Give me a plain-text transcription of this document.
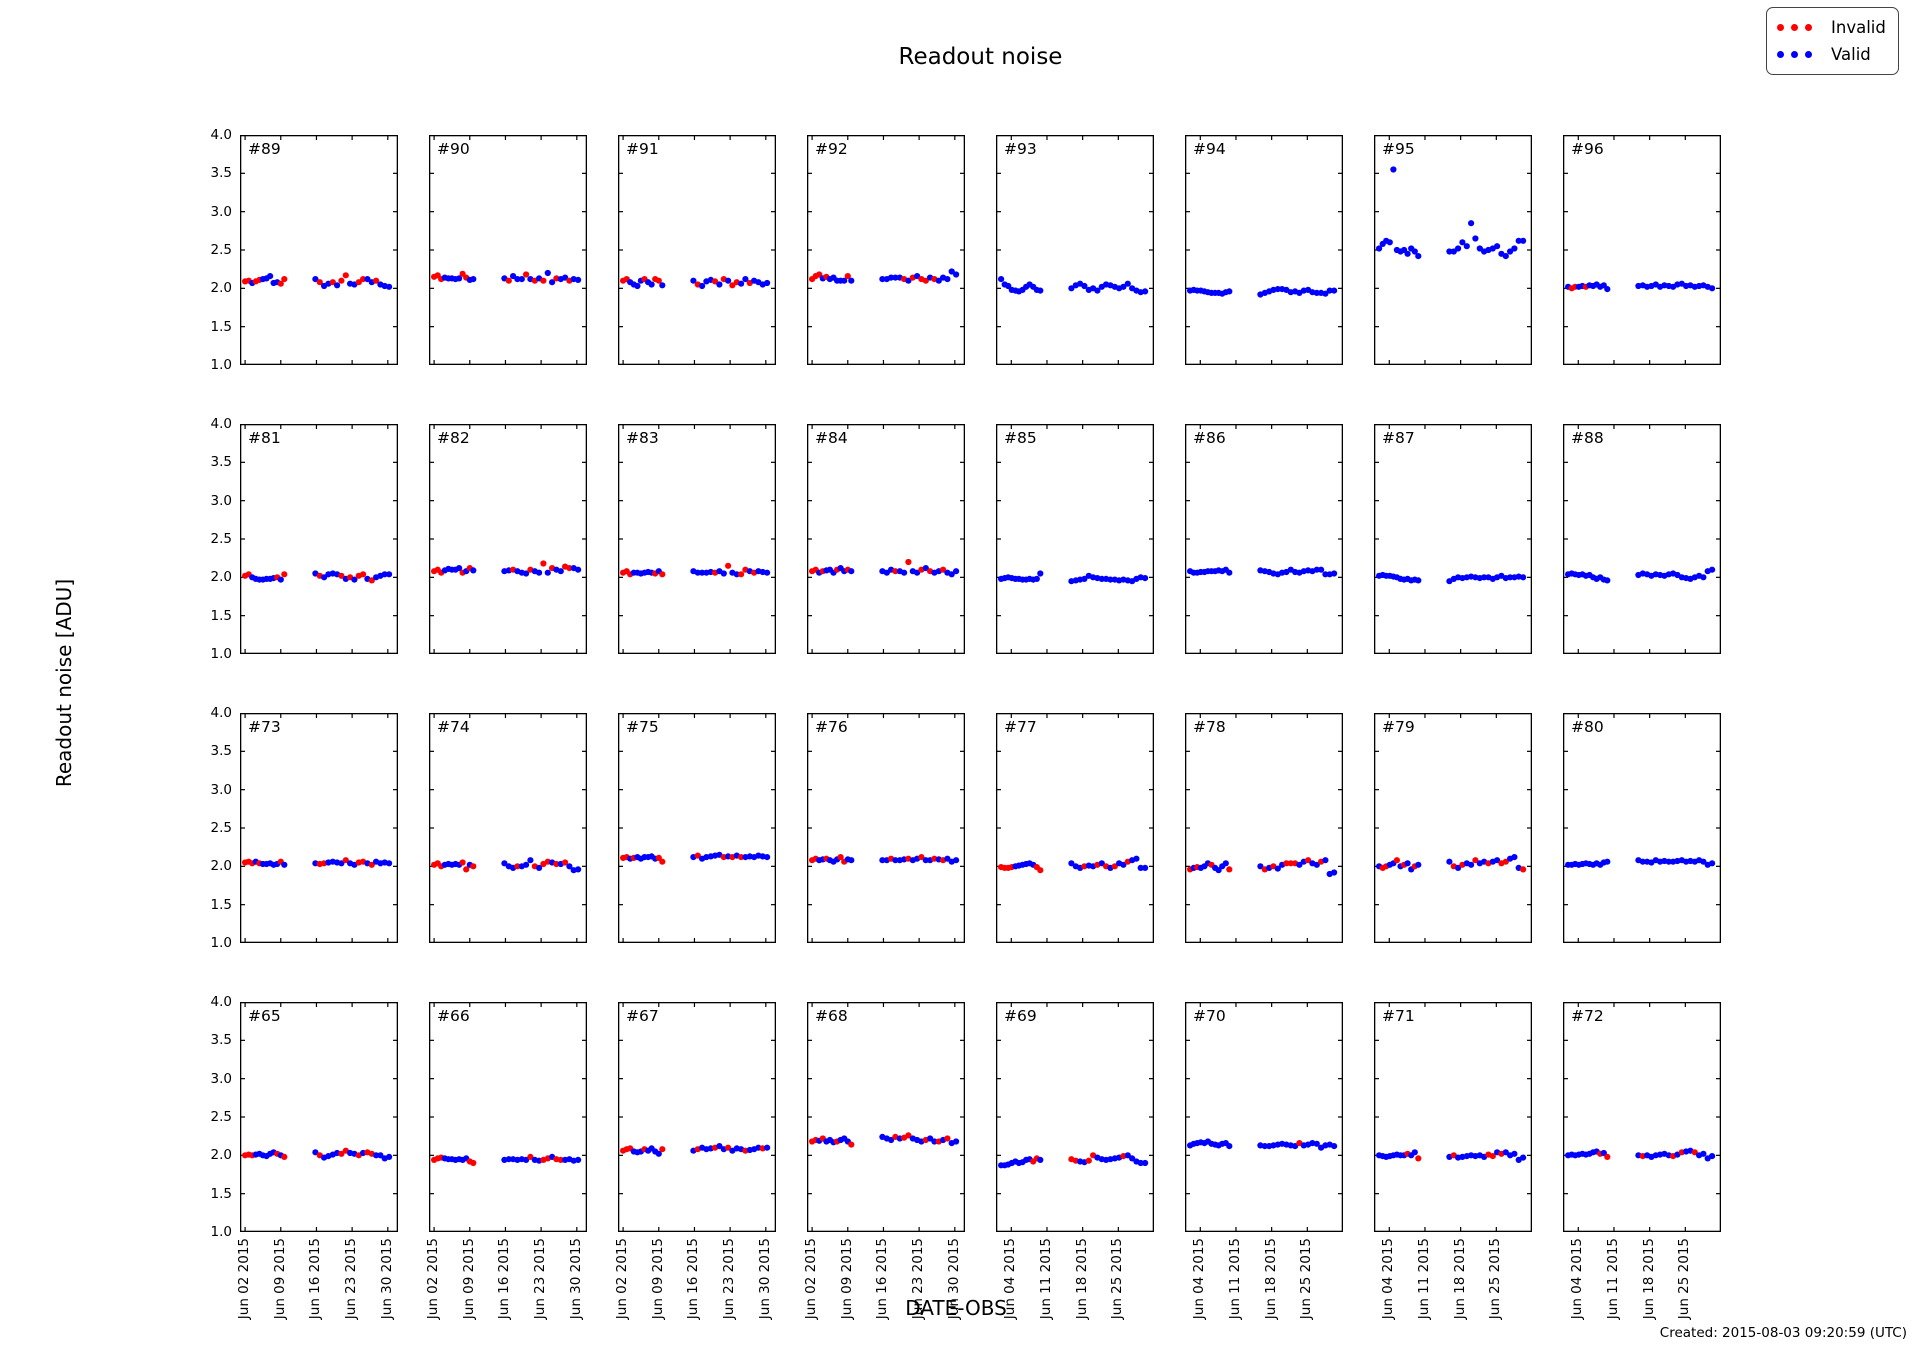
Readout noise
Invalid
Valid
Readout noise [ADU]
DATE-OBS
Created: 2015-08-03 09:20:59 (UTC)
#89	#90	#91	#92	#93	#94	#95	#96
#81	#82	#83	#84	#85	#86	#87	#88
#73	#74	#75	#76	#77	#78	#79	#80
#65	#66	#67	#68	#69	#70	#71	#72
4.0
3.5
3.0
2.5
2.0
1.5
1.0
4.0
3.5
3.0
2.5
2.0
1.5
1.0
4.0
3.5
3.0
2.5
2.0
1.5
1.0
4.0
3.5
3.0
2.5
2.0
1.5
1.0
Jun 02 2015 Jun 09 2015 Jun 16 2015 Jun 23 2015 Jun 30 2015 Jun 02 2015 Jun 09 2015 Jun 16 2015 Jun 23 2015 Jun 30 2015 Jun 02 2015 Jun 09 2015 Jun 16 2015 Jun 23 2015 Jun 30 2015 Jun 02 2015 Jun 09 2015 Jun 16 2015 Jun 23 2015 Jun 30 2015	Jun 04 2015 Jun 11 2015 Jun 18 2015 Jun 25 2015	Jun 04 2015 Jun 11 2015 Jun 18 2015 Jun 25 2015	Jun 04 2015 Jun 11 2015 Jun 18 2015 Jun 25 2015	Jun 04 2015 Jun 11 2015 Jun 18 2015 Jun 25 2015
